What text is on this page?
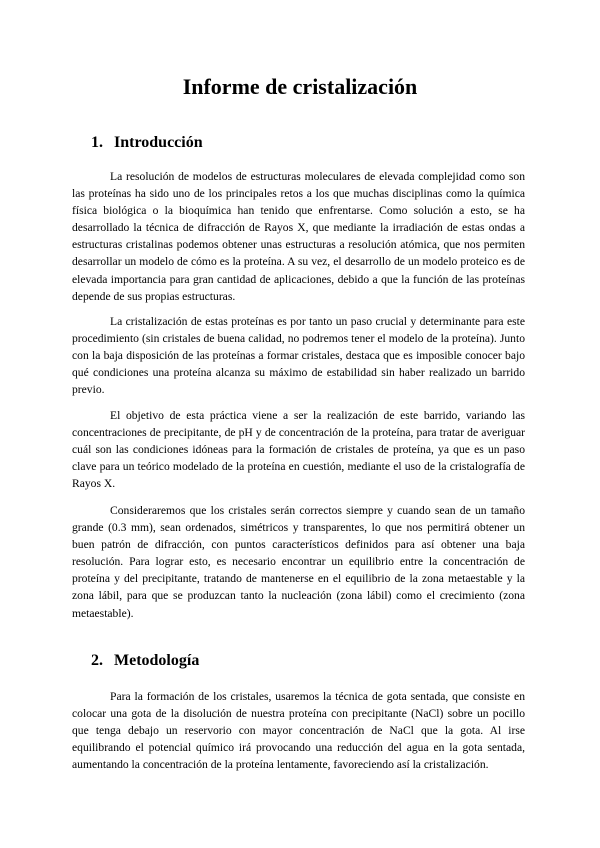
Informe de cristalización
1. Introducción

La resolución de modelos de estructuras moleculares de elevada complejidad como son las proteínas ha sido uno de los principales retos a los que muchas disciplinas como la química física biológica o la bioquímica han tenido que enfrentarse. Como solución a esto, se ha desarrollado la técnica de difracción de Rayos X, que mediante la irradiación de estas ondas a estructuras cristalinas podemos obtener unas estructuras a resolución atómica, que nos permiten desarrollar un modelo de cómo es la proteína. A su vez, el desarrollo de un modelo proteico es de elevada importancia para gran cantidad de aplicaciones, debido a que la función de las proteínas depende de sus propias estructuras.

La cristalización de estas proteínas es por tanto un paso crucial y determinante para este procedimiento (sin cristales de buena calidad, no podremos tener el modelo de la proteína). Junto con la baja disposición de las proteínas a formar cristales, destaca que es imposible conocer bajo qué condiciones una proteína alcanza su máximo de estabilidad sin haber realizado un barrido previo.

El objetivo de esta práctica viene a ser la realización de este barrido, variando las concentraciones de precipitante, de pH y de concentración de la proteína, para tratar de averiguar cuál son las condiciones idóneas para la formación de cristales de proteína, ya que es un paso clave para un teórico modelado de la proteína en cuestión, mediante el uso de la cristalografía de Rayos X.

Consideraremos que los cristales serán correctos siempre y cuando sean de un tamaño grande (0.3 mm), sean ordenados, simétricos y transparentes, lo que nos permitirá obtener un buen patrón de difracción, con puntos característicos definidos para así obtener una baja resolución. Para lograr esto, es necesario encontrar un equilibrio entre la concentración de proteína y del precipitante, tratando de mantenerse en el equilibrio de la zona metaestable y la zona lábil, para que se produzcan tanto la nucleación (zona lábil) como el crecimiento (zona metaestable).

2. Metodología

Para la formación de los cristales, usaremos la técnica de gota sentada, que consiste en colocar una gota de la disolución de nuestra proteína con precipitante (NaCl) sobre un pocillo que tenga debajo un reservorio con mayor concentración de NaCl que la gota. Al irse equilibrando el potencial químico irá provocando una reducción del agua en la gota sentada, aumentando la concentración de la proteína lentamente, favoreciendo así la cristalización.
